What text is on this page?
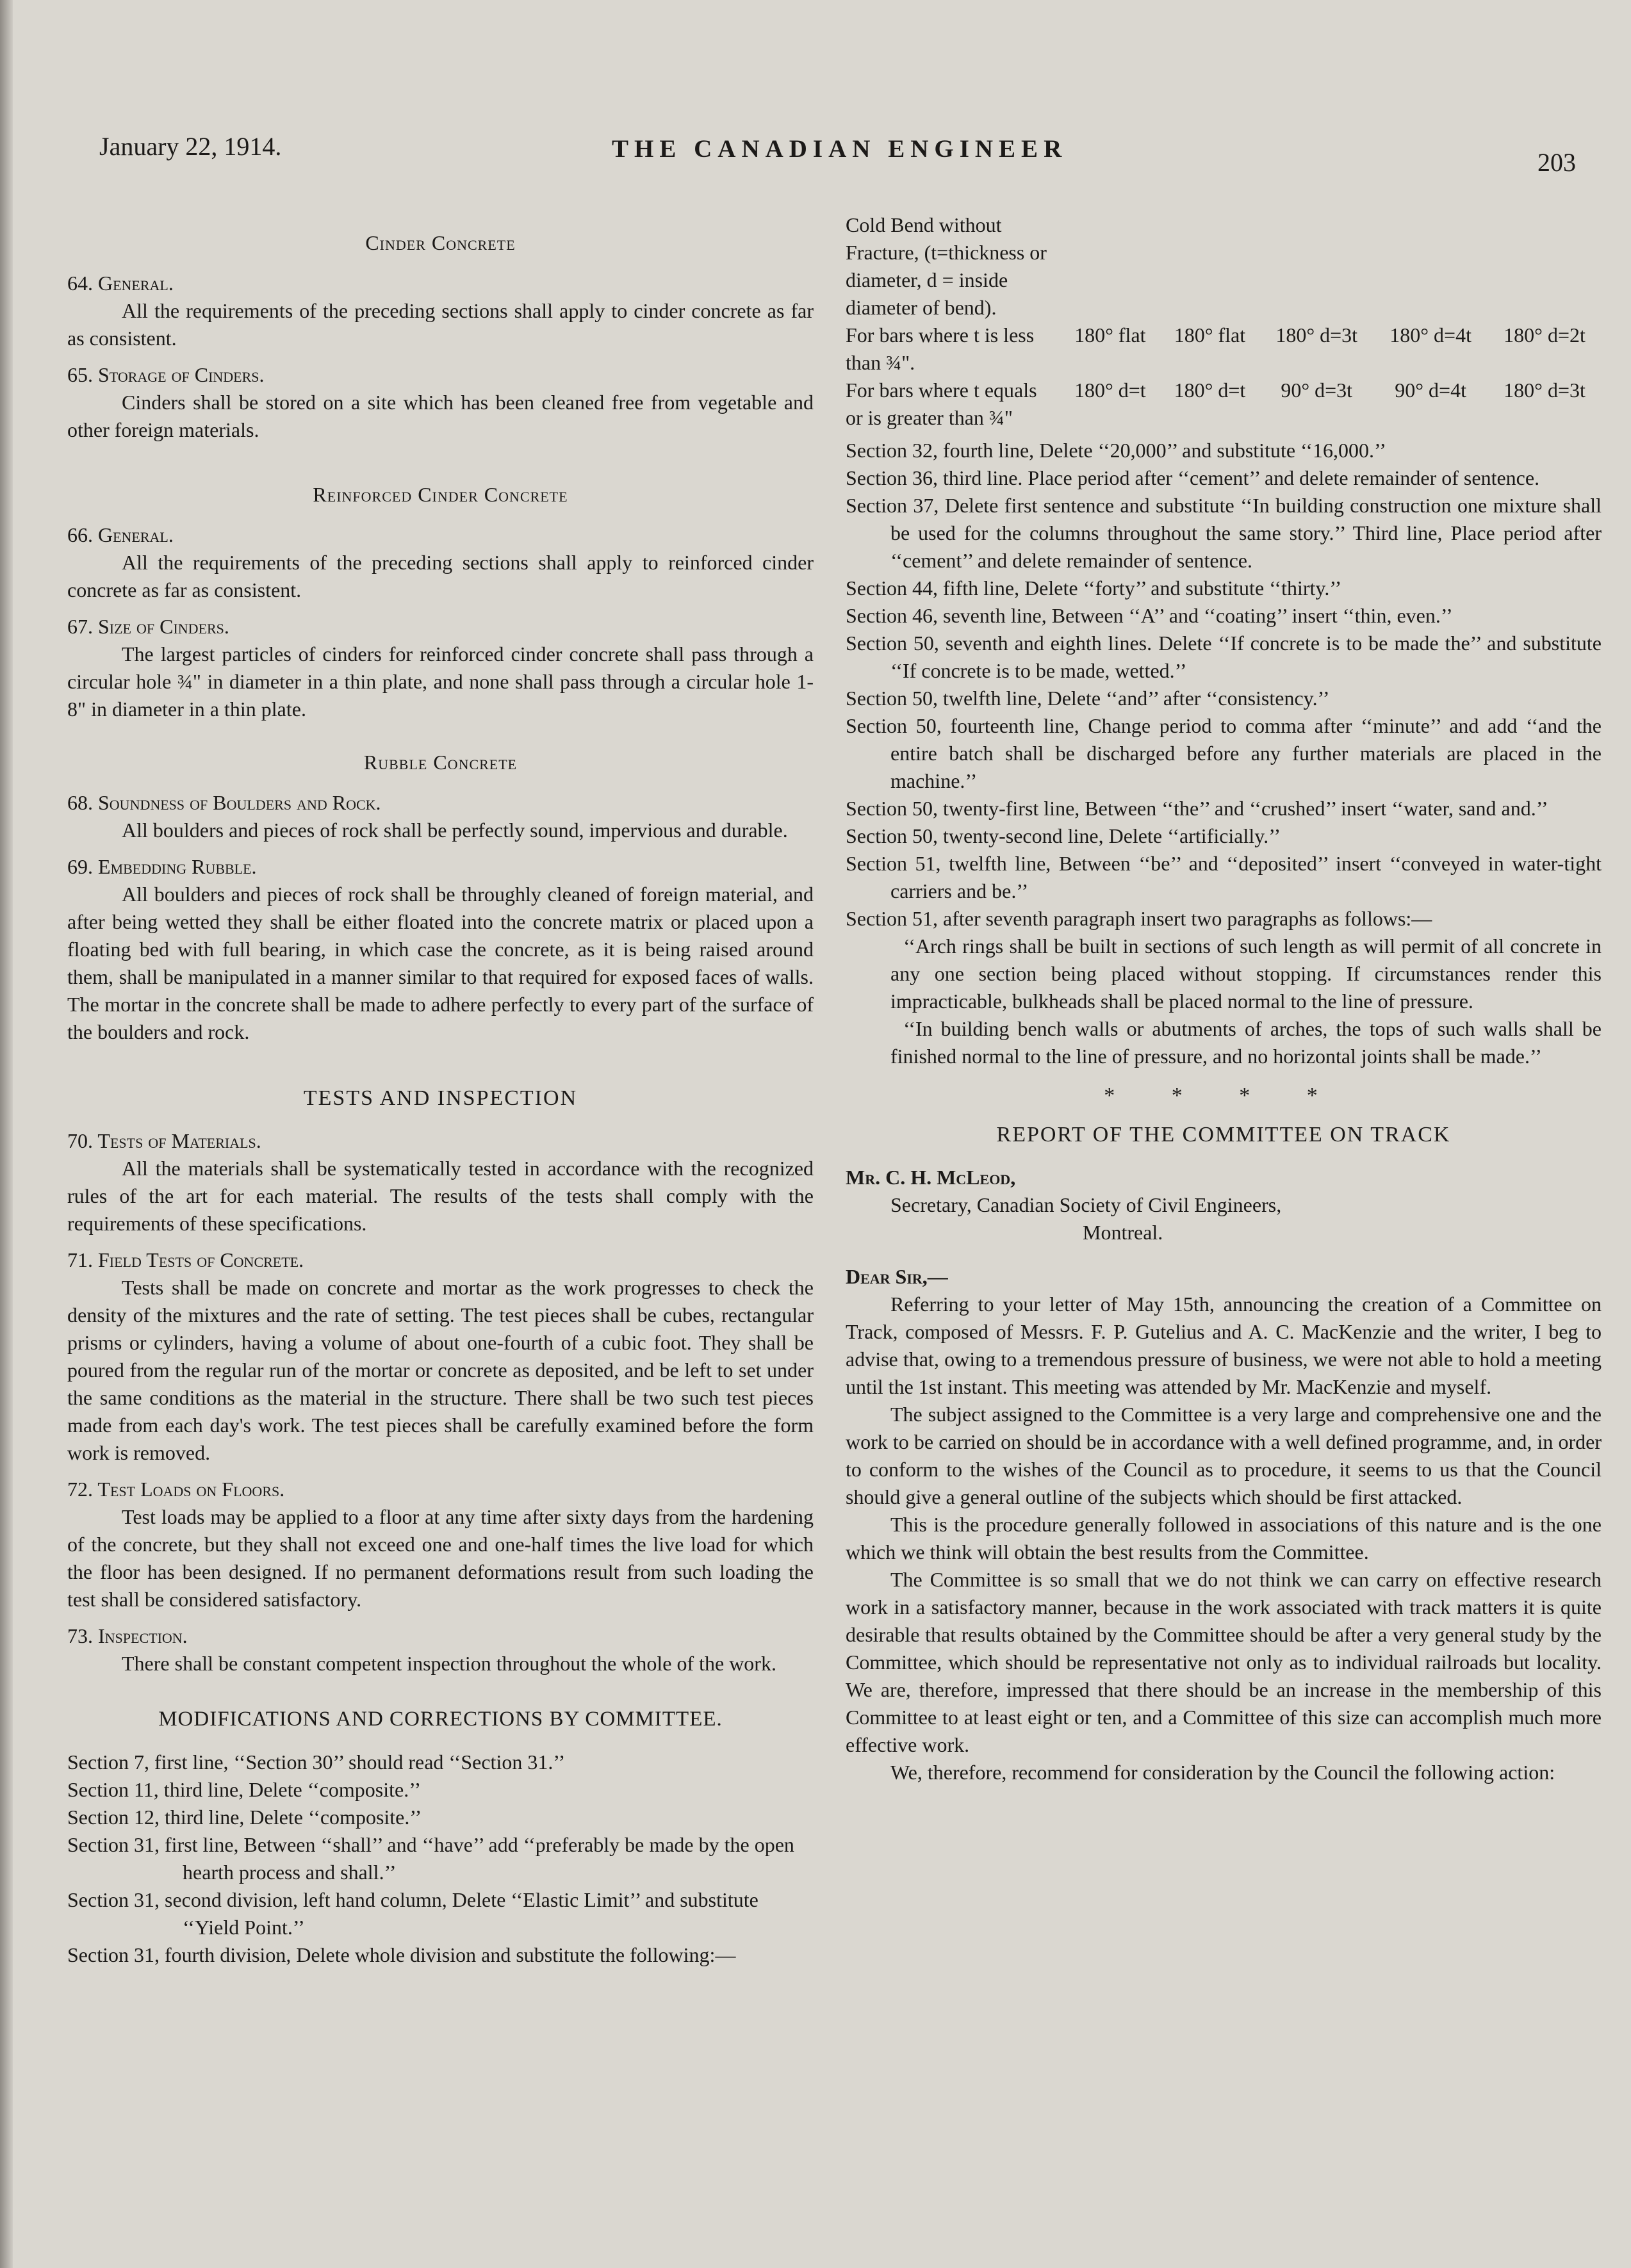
January 22, 1914.	THE CANADIAN ENGINEER	203
Cinder Concrete
64. General.
All the requirements of the preceding sections shall apply to cinder concrete as far as consistent.
65. Storage of Cinders.
Cinders shall be stored on a site which has been cleaned free from vegetable and other foreign materials.
Reinforced Cinder Concrete
66. General.
All the requirements of the preceding sections shall apply to reinforced cinder concrete as far as consistent.
67. Size of Cinders.
The largest particles of cinders for reinforced cinder concrete shall pass through a circular hole ¾" in diameter in a thin plate, and none shall pass through a circular hole 1-8" in diameter in a thin plate.
Rubble Concrete
68. Soundness of Boulders and Rock.
All boulders and pieces of rock shall be perfectly sound, impervious and durable.
69. Embedding Rubble.
All boulders and pieces of rock shall be throughly cleaned of foreign material, and after being wetted they shall be either floated into the concrete matrix or placed upon a floating bed with full bearing, in which case the concrete, as it is being raised around them, shall be manipulated in a manner similar to that required for exposed faces of walls. The mortar in the concrete shall be made to adhere perfectly to every part of the surface of the boulders and rock.
TESTS AND INSPECTION
70. Tests of Materials.
All the materials shall be systematically tested in accordance with the recognized rules of the art for each material. The results of the tests shall comply with the requirements of these specifications.
71. Field Tests of Concrete.
Tests shall be made on concrete and mortar as the work progresses to check the density of the mixtures and the rate of setting. The test pieces shall be cubes, rectangular prisms or cylinders, having a volume of about one-fourth of a cubic foot. They shall be poured from the regular run of the mortar or concrete as deposited, and be left to set under the same conditions as the material in the structure. There shall be two such test pieces made from each day's work. The test pieces shall be carefully examined before the form work is removed.
72. Test Loads on Floors.
Test loads may be applied to a floor at any time after sixty days from the hardening of the concrete, but they shall not exceed one and one-half times the live load for which the floor has been designed. If no permanent deformations result from such loading the test shall be considered satisfactory.
73. Inspection.
There shall be constant competent inspection throughout the whole of the work.
MODIFICATIONS AND CORRECTIONS BY COMMITTEE.

Section 7, first line, ‘‘Section 30’’ should read ‘‘Section 31.’’

Section 11, third line, Delete ‘‘composite.’’

Section 12, third line, Delete ‘‘composite.’’

Section 31, first line, Between ‘‘shall’’ and ‘‘have’’ add ‘‘preferably be made by the open hearth process and shall.’’

Section 31, second division, left hand column, Delete ‘‘Elastic Limit’’ and substitute ‘‘Yield Point.’’

Section 31, fourth division, Delete whole division and substitute the following:—

Cold Bend without Fracture, (t=thickness or diameter, d = inside diameter of bend).					
For bars where t is less than ¾".	180° flat	180° flat	180° d=3t	180° d=4t	180° d=2t
For bars where t equals or is greater than ¾"	180° d=t	180° d=t	90° d=3t	90° d=4t	180° d=3t

Section 32, fourth line, Delete ‘‘20,000’’ and substitute ‘‘16,000.’’

Section 36, third line. Place period after ‘‘cement’’ and delete remainder of sentence.

Section 37, Delete first sentence and substitute ‘‘In building construction one mixture shall be used for the columns throughout the same story.’’ Third line, Place period after ‘‘cement’’ and delete remainder of sentence.

Section 44, fifth line, Delete ‘‘forty’’ and substitute ‘‘thirty.’’

Section 46, seventh line, Between ‘‘A’’ and ‘‘coating’’ insert ‘‘thin, even.’’

Section 50, seventh and eighth lines. Delete ‘‘If concrete is to be made the’’ and substitute ‘‘If concrete is to be made, wetted.’’

Section 50, twelfth line, Delete ‘‘and’’ after ‘‘consistency.’’

Section 50, fourteenth line, Change period to comma after ‘‘minute’’ and add ‘‘and the entire batch shall be discharged before any further materials are placed in the machine.’’

Section 50, twenty-first line, Between ‘‘the’’ and ‘‘crushed’’ insert ‘‘water, sand and.’’

Section 50, twenty-second line, Delete ‘‘artificially.’’

Section 51, twelfth line, Between ‘‘be’’ and ‘‘deposited’’ insert ‘‘conveyed in water-tight carriers and be.’’

Section 51, after seventh paragraph insert two paragraphs as follows:—

‘‘Arch rings shall be built in sections of such length as will permit of all concrete in any one section being placed without stopping. If circumstances render this impracticable, bulkheads shall be placed normal to the line of pressure.

‘‘In building bench walls or abutments of arches, the tops of such walls shall be finished normal to the line of pressure, and no horizontal joints shall be made.’’

* * * *
REPORT OF THE COMMITTEE ON TRACK

Mr. C. H. McLeod,

Secretary, Canadian Society of Civil Engineers,

Montreal.

Dear Sir,—

Referring to your letter of May 15th, announcing the creation of a Committee on Track, composed of Messrs. F. P. Gutelius and A. C. MacKenzie and the writer, I beg to advise that, owing to a tremendous pressure of business, we were not able to hold a meeting until the 1st instant. This meeting was attended by Mr. MacKenzie and myself.

The subject assigned to the Committee is a very large and comprehensive one and the work to be carried on should be in accordance with a well defined programme, and, in order to conform to the wishes of the Council as to procedure, it seems to us that the Council should give a general outline of the subjects which should be first attacked.

This is the procedure generally followed in associations of this nature and is the one which we think will obtain the best results from the Committee.

The Committee is so small that we do not think we can carry on effective research work in a satisfactory manner, because in the work associated with track matters it is quite desirable that results obtained by the Committee should be after a very general study by the Committee, which should be representative not only as to individual railroads but locality. We are, therefore, impressed that there should be an increase in the membership of this Committee to at least eight or ten, and a Committee of this size can accomplish much more effective work.

We, therefore, recommend for consideration by the Council the following action:
